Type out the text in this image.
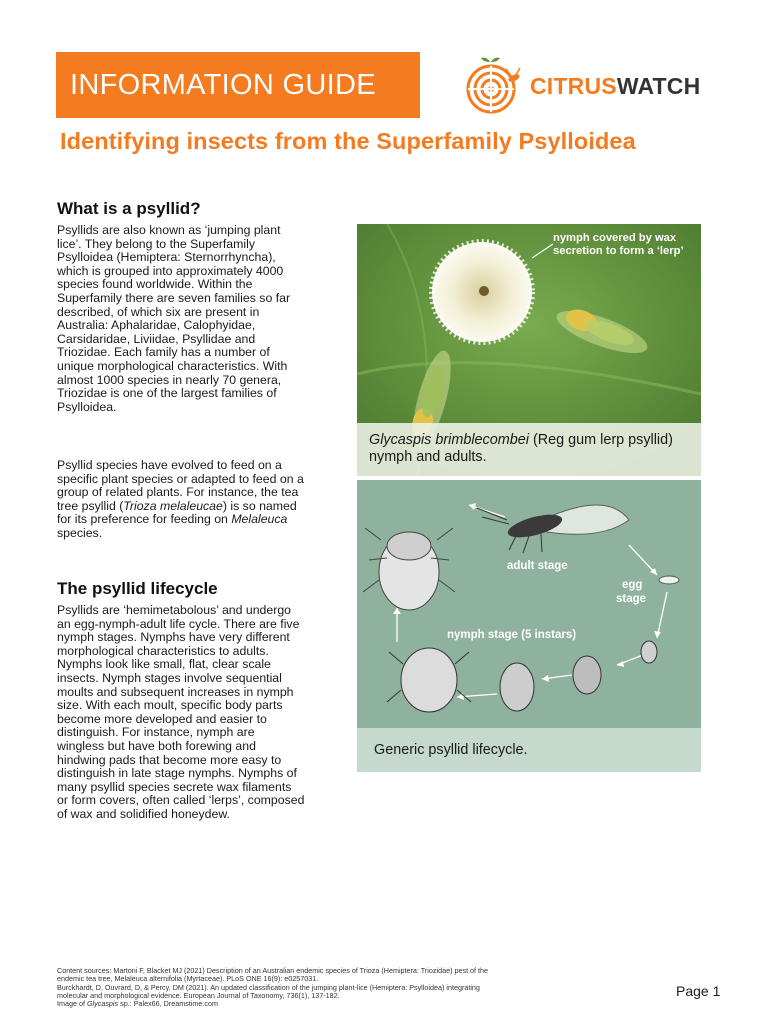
INFORMATION GUIDE	CITRUSWATCH
Identifying insects from the Superfamily Psylloidea
What is a psyllid?
Psyllids are also known as ‘jumping plant lice’. They belong to the Superfamily Psylloidea (Hemiptera: Sternorrhyncha), which is grouped into approximately 4000 species found worldwide. Within the Superfamily there are seven families so far described, of which six are present in Australia: Aphalaridae, Calophyidae, Carsidaridae, Liviidae, Psyllidae and Triozidae. Each family has a number of unique morphological characteristics. With almost 1000 species in nearly 70 genera, Triozidae is one of the largest families of Psylloidea.
Psyllid species have evolved to feed on a specific plant species or adapted to feed on a group of related plants. For instance, the tea tree psyllid (Trioza melaleucae) is so named for its preference for feeding on Melaleuca species.
The psyllid lifecycle
Psyllids are ‘hemimetabolous’ and undergo an egg-nymph-adult life cycle. There are five nymph stages. Nymphs have very different morphological characteristics to adults. Nymphs look like small, flat, clear scale insects. Nymph stages involve sequential moults and subsequent increases in nymph size. With each moult, specific body parts become more developed and easier to distinguish. For instance, nymph are wingless but have both forewing and hindwing pads that become more easy to distinguish in late stage nymphs. Nymphs of many psyllid species secrete wax filaments or form covers, often called ‘lerps’, composed of wax and solidified honeydew.
nymph covered by wax secretion to form a ‘lerp’
Glycaspis brimblecombei (Reg gum lerp psyllid) nymph and adults.
adult stage
egg
stage
nymph stage (5 instars)
Generic psyllid lifecycle.
Content sources: Martoni F, Blacket MJ (2021) Description of an Australian endemic species of Trioza (Hemiptera: Triozidae) pest of the endemic tea tree, Melaleuca alternifolia (Myrtaceae). PLoS ONE 16(9): e0257031.
Burckhardt, D, Ouvrard, D, & Percy, DM (2021). An updated classification of the jumping plant-lice (Hemiptera: Psylloidea) integrating molecular and morphological evidence. European Journal of Taxonomy, 736(1), 137-182.
Image of Glycaspis sp.: Palex66, Dreamstime.com
Page 1
